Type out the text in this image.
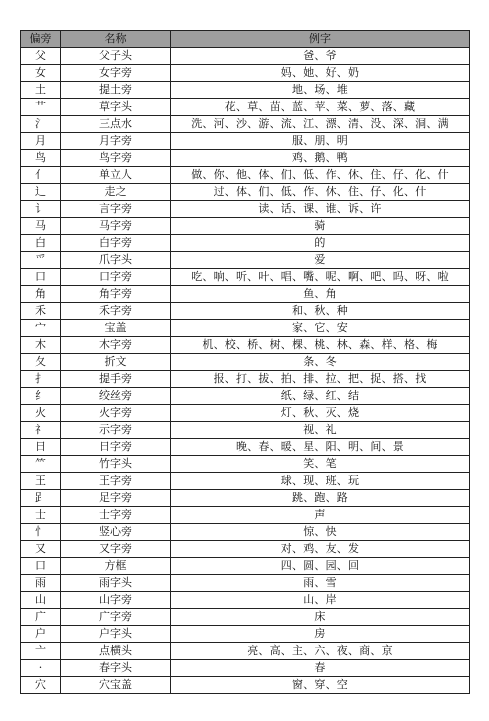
偏旁	名称	例字
父	父子头	爸、爷
女	女字旁	妈、她、好、奶
土	提土旁	地、场、堆
艹	草字头	花、草、苗、蓝、苹、菜、萝、落、藏
氵	三点水	洗、河、沙、游、流、江、漂、清、没、深、洞、满
月	月字旁	服、朋、明
鸟	鸟字旁	鸡、鹅、鸭
亻	单立人	做、你、他、体、们、低、作、休、住、仔、化、什
辶	走之	过、体、们、低、作、休、住、仔、化、什
讠	言字旁	读、话、课、谁、诉、许
马	马字旁	骑
白	白字旁	的
爫	爪字头	爱
口	口字旁	吃、响、听、叶、唱、嘴、呢、啊、吧、吗、呀、啦
角	角字旁	鱼、角
禾	禾字旁	和、秋、种
宀	宝盖	家、它、安
木	木字旁	机、校、桥、树、棵、桃、林、森、样、格、梅
夂	折文	条、冬
扌	提手旁	报、打、拔、拍、排、拉、把、捉、搭、找
纟	绞丝旁	纸、绿、红、结
火	火字旁	灯、秋、灭、烧
礻	示字旁	视、礼
日	日字旁	晚、春、暖、星、阳、明、间、景
⺮	竹字头	笑、笔
王	王字旁	球、现、班、玩
𧾷	足字旁	跳、跑、路
士	士字旁	声
忄	竖心旁	惊、快
又	又字旁	对、鸡、友、发
口	方框	四、圆、园、回
雨	雨字头	雨、雪
山	山字旁	山、岸
广	广字旁	床
户	户字头	房
亠	点横头	亮、高、主、六、夜、商、京
·	春字头	春
穴	穴宝盖	窗、穿、空
